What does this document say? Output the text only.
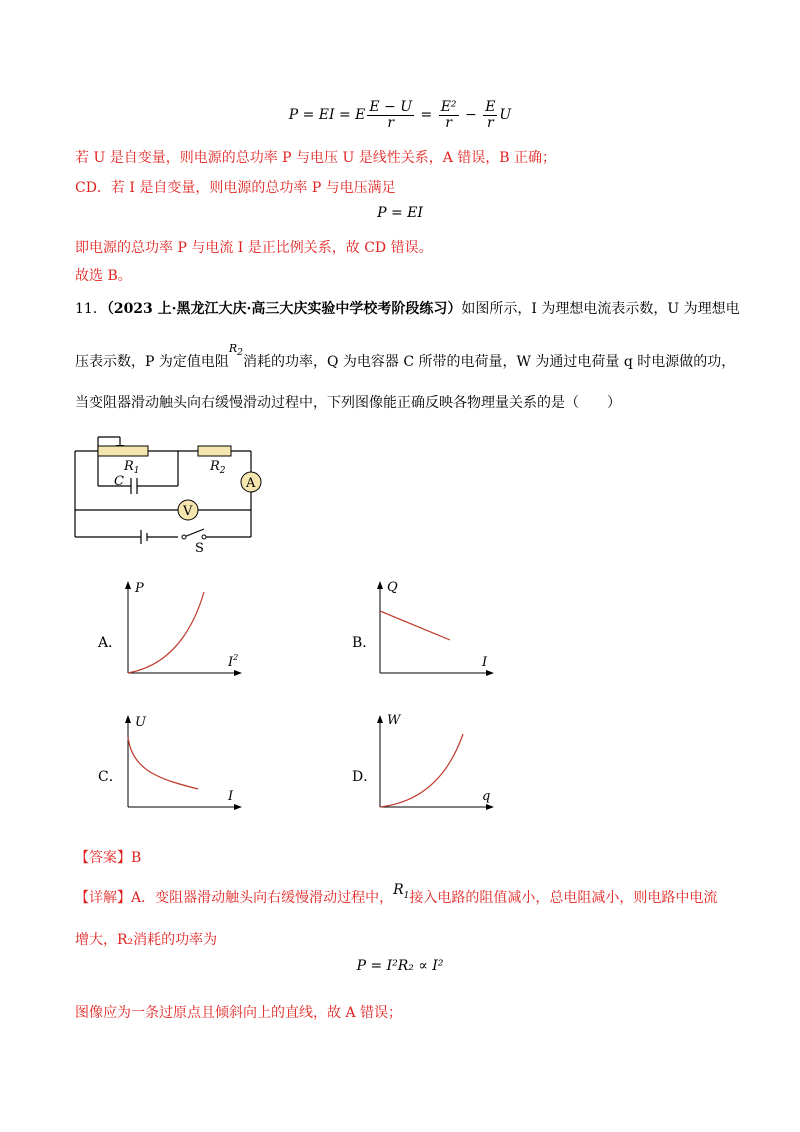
P = EI = E $\frac{E - U}{r} = \frac{\text{E²}}{r} - \frac{E}{r}$ U
若 U 是自变量，则电源的总功率 P 与电压 U 是线性关系，A 错误，B 正确；
CD．若 I 是自变量，则电源的总功率 P 与电压满足
P = EI
即电源的总功率 P 与电流 I 是正比例关系，故 CD 错误。
故选 B。
11．（2023 上·黑龙江大庆·高三大庆实验中学校考阶段练习）如图所示，I 为理想电流表示数，U 为理想电
压表示数，P 为定值电阻$^{R_2}$消耗的功率，Q 为电容器 C 所带的电荷量，W 为通过电荷量 q 时电源做的功，
当变阻器滑动触头向右缓慢滑动过程中，下列图像能正确反映各物理量关系的是（　　）
A
V
$R_1$	$R_2$
C
S
A．	B．
C．	D．
P
$I^2$
Q
I
U
I
W
q
【答案】B
【详解】A．变阻器滑动触头向右缓慢滑动过程中，$R_1$接入电路的阻值减小，总电阻减小，则电路中电流
增大，R₂消耗的功率为
P = I²R₂ ∝ I²
图像应为一条过原点且倾斜向上的直线，故 A 错误；
